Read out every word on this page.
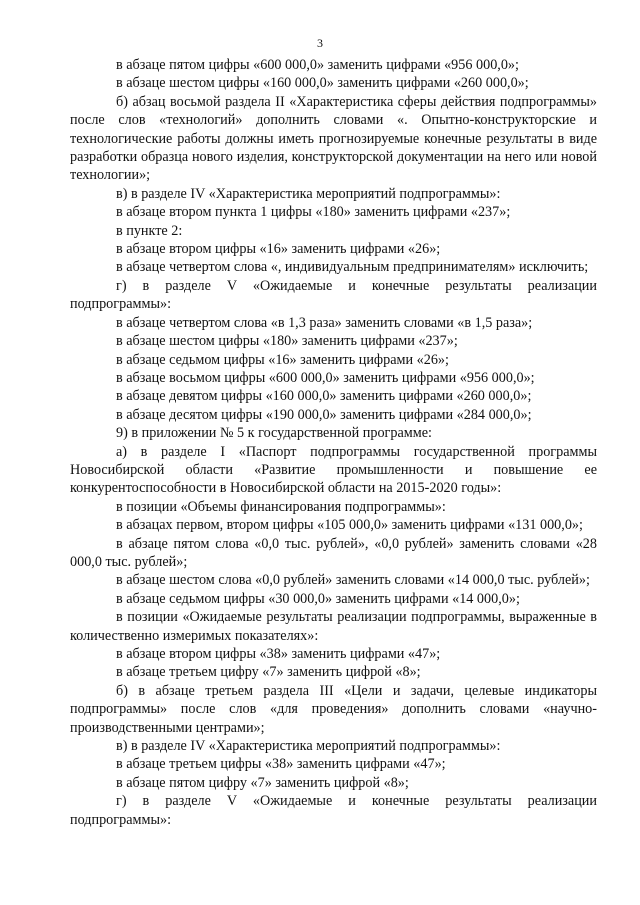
3

в абзаце пятом цифры «600 000,0» заменить цифрами «956 000,0»;

в абзаце шестом цифры «160 000,0» заменить цифрами «260 000,0»;

б) абзац восьмой раздела II «Характеристика сферы действия подпрограммы» после слов «технологий» дополнить словами «. Опытно-конструкторские и технологические работы должны иметь прогнозируемые конечные результаты в виде разработки образца нового изделия, конструкторской документации на него или новой технологии»;

в) в разделе IV «Характеристика мероприятий подпрограммы»:

в абзаце втором пункта 1 цифры «180» заменить цифрами «237»;

в пункте 2:

в абзаце втором цифры «16» заменить цифрами «26»;

в абзаце четвертом слова «, индивидуальным предпринимателям» исключить;

г) в разделе V «Ожидаемые и конечные результаты реализации подпрограммы»:

в абзаце четвертом слова «в 1,3 раза» заменить словами «в 1,5 раза»;

в абзаце шестом цифры «180» заменить цифрами «237»;

в абзаце седьмом цифры «16» заменить цифрами «26»;

в абзаце восьмом цифры «600 000,0» заменить цифрами «956 000,0»;

в абзаце девятом цифры «160 000,0» заменить цифрами «260 000,0»;

в абзаце десятом цифры «190 000,0» заменить цифрами «284 000,0»;

9) в приложении № 5 к государственной программе:

а) в разделе I «Паспорт подпрограммы государственной программы Новосибирской области «Развитие промышленности и повышение ее конкурентоспособности в Новосибирской области на 2015-2020 годы»:

в позиции «Объемы финансирования подпрограммы»:

в абзацах первом, втором цифры «105 000,0» заменить цифрами «131 000,0»;

в абзаце пятом слова «0,0 тыс. рублей», «0,0 рублей» заменить словами «28 000,0 тыс. рублей»;

в абзаце шестом слова «0,0 рублей» заменить словами «14 000,0 тыс. рублей»;

в абзаце седьмом цифры «30 000,0» заменить цифрами «14 000,0»;

в позиции «Ожидаемые результаты реализации подпрограммы, выраженные в количественно измеримых показателях»:

в абзаце втором цифры «38» заменить цифрами «47»;

в абзаце третьем цифру «7» заменить цифрой «8»;

б) в абзаце третьем раздела III «Цели и задачи, целевые индикаторы подпрограммы» после слов «для проведения» дополнить словами «научно-производственными центрами»;

в) в разделе IV «Характеристика мероприятий подпрограммы»:

в абзаце третьем цифры «38» заменить цифрами «47»;

в абзаце пятом цифру «7» заменить цифрой «8»;

г) в разделе V «Ожидаемые и конечные результаты реализации подпрограммы»:
